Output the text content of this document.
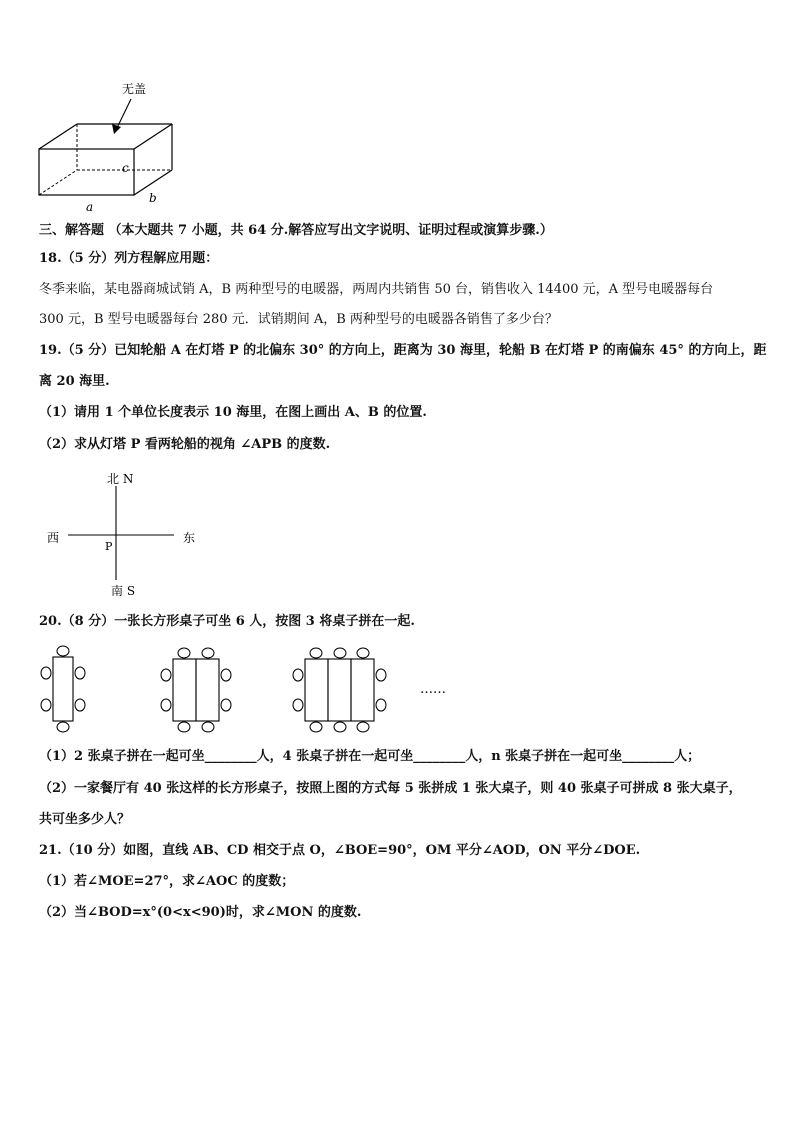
无盖
c
b
a
三、解答题 （本大题共 7 小题，共 64 分.解答应写出文字说明、证明过程或演算步骤.）
18.（5 分）列方程解应用题：
冬季来临，某电器商城试销 A，B 两种型号的电暖器，两周内共销售 50 台，销售收入 14400 元，A 型号电暖器每台
300 元，B 型号电暖器每台 280 元．试销期间 A，B 两种型号的电暖器各销售了多少台？
19.（5 分）已知轮船 A 在灯塔 P 的北偏东 30° 的方向上，距离为 30 海里，轮船 B 在灯塔 P 的南偏东 45° 的方向上，距
离 20 海里.
（1）请用 1 个单位长度表示 10 海里，在图上画出 A、B 的位置.
（2）求从灯塔 P 看两轮船的视角 ∠APB 的度数.
北 N
南 S
西	东
P
20.（8 分）一张长方形桌子可坐 6 人，按图 3 将桌子拼在一起.
……
（1）2 张桌子拼在一起可坐________人，4 张桌子拼在一起可坐________人，n 张桌子拼在一起可坐________人；
（2）一家餐厅有 40 张这样的长方形桌子，按照上图的方式每 5 张拼成 1 张大桌子，则 40 张桌子可拼成 8 张大桌子，
共可坐多少人？
21.（10 分）如图，直线 AB、CD 相交于点 O，∠BOE=90°，OM 平分∠AOD，ON 平分∠DOE.
（1）若∠MOE=27°，求∠AOC 的度数；
（2）当∠BOD=x°(0<x<90)时，求∠MON 的度数.
